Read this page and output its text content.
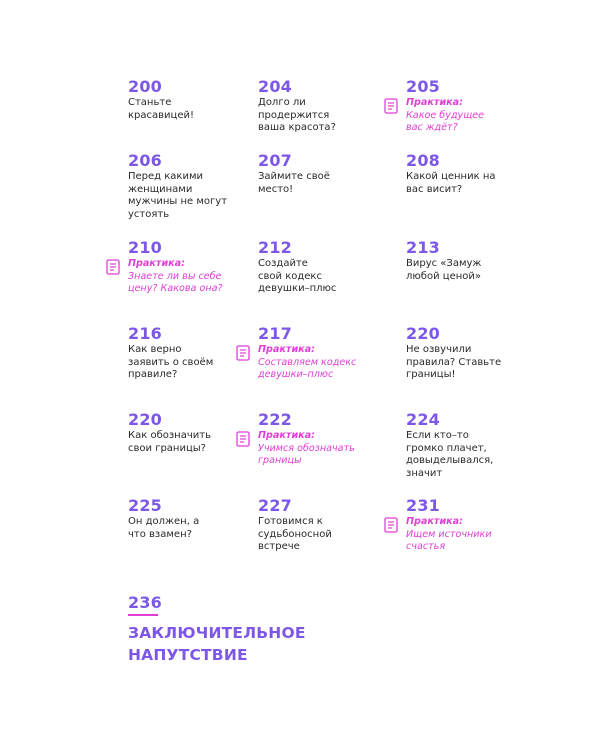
200
Станьте
красавицей!
204
Долго ли
продержится
ваша красота?
205
Практика:
Какое будущее
вас ждёт?
206
Перед какими
женщинами
мужчины не могут
устоять
207
Займите своё
место!
208
Какой ценник на
вас висит?
210
Практика:
Знаете ли вы себе
цену? Какова она?
212
Создайте
свой кодекс
девушки–плюс
213
Вирус «Замуж
любой ценой»
216
Как верно
заявить о своём
правиле?
217
Практика:
Составляем кодекс
девушки–плюс
220
Не озвучили
правила? Ставьте
границы!
220
Как обозначить
свои границы?
222
Практика:
Учимся обозначать
границы
224
Если кто–то
громко плачет,
довыделывался,
значит
225
Он должен, а
что взамен?
227
Готовимся к
судьбоносной
встрече
231
Практика:
Ищем источники
счастья
236
ЗАКЛЮЧИТЕЛЬНОЕ
НАПУТСТВИЕ
